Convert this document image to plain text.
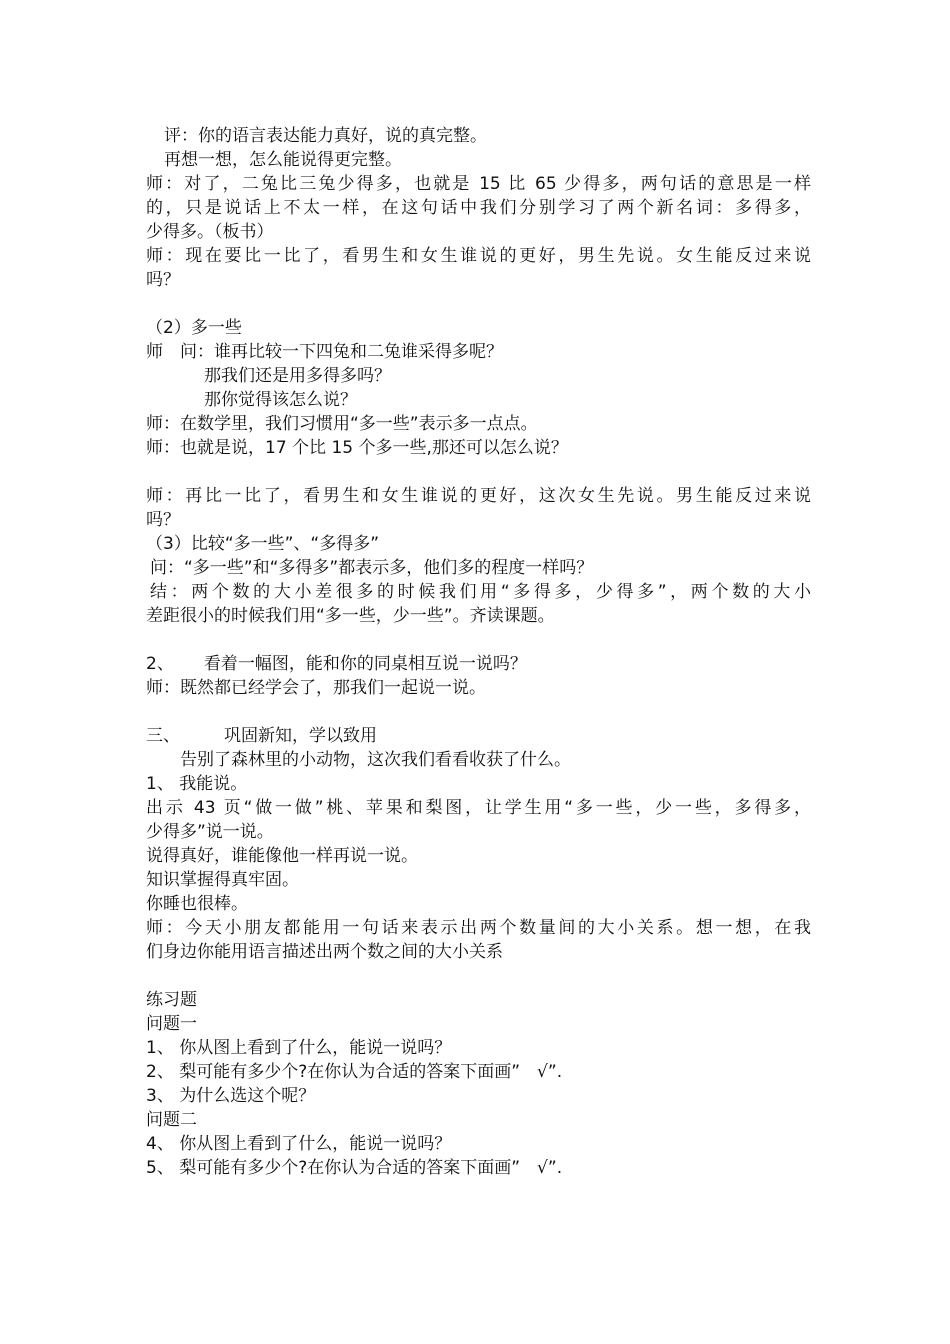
评：你的语言表达能力真好，说的真完整。
再想一想，怎么能说得更完整。
师：对了，二兔比三兔少得多，也就是 15 比 65 少得多，两句话的意思是一样
的，只是说话上不太一样，在这句话中我们分别学习了两个新名词：多得多，
少得多。（板书）
师：现在要比一比了，看男生和女生谁说的更好，男生先说。女生能反过来说
吗？
（2）多一些
师　问：谁再比较一下四兔和二兔谁采得多呢？
那我们还是用多得多吗？
那你觉得该怎么说？
师：在数学里，我们习惯用“多一些”表示多一点点。
师：也就是说，17 个比 15 个多一些,那还可以怎么说？
师：再比一比了，看男生和女生谁说的更好，这次女生先说。男生能反过来说
吗？
（3）比较“多一些”、“多得多”
问：“多一些”和“多得多”都表示多，他们多的程度一样吗？
结：两个数的大小差很多的时候我们用“多得多，少得多”，两个数的大小
差距很小的时候我们用“多一些，少一些”。齐读课题。
2、 看着一幅图，能和你的同桌相互说一说吗？
师：既然都已经学会了，那我们一起说一说。
三、	巩固新知，学以致用
告别了森林里的小动物，这次我们看看收获了什么。
1、 我能说。
出示 43 页“做一做”桃、苹果和梨图，让学生用“多一些，少一些，多得多，
少得多”说一说。
说得真好，谁能像他一样再说一说。
知识掌握得真牢固。
你睡也很棒。
师：今天小朋友都能用一句话来表示出两个数量间的大小关系。想一想，在我
们身边你能用语言描述出两个数之间的大小关系
练习题
问题一
1、 你从图上看到了什么，能说一说吗？
2、 梨可能有多少个?在你认为合适的答案下面画”　√”.
3、 为什么选这个呢？
问题二
4、 你从图上看到了什么，能说一说吗？
5、 梨可能有多少个?在你认为合适的答案下面画”　√”.
